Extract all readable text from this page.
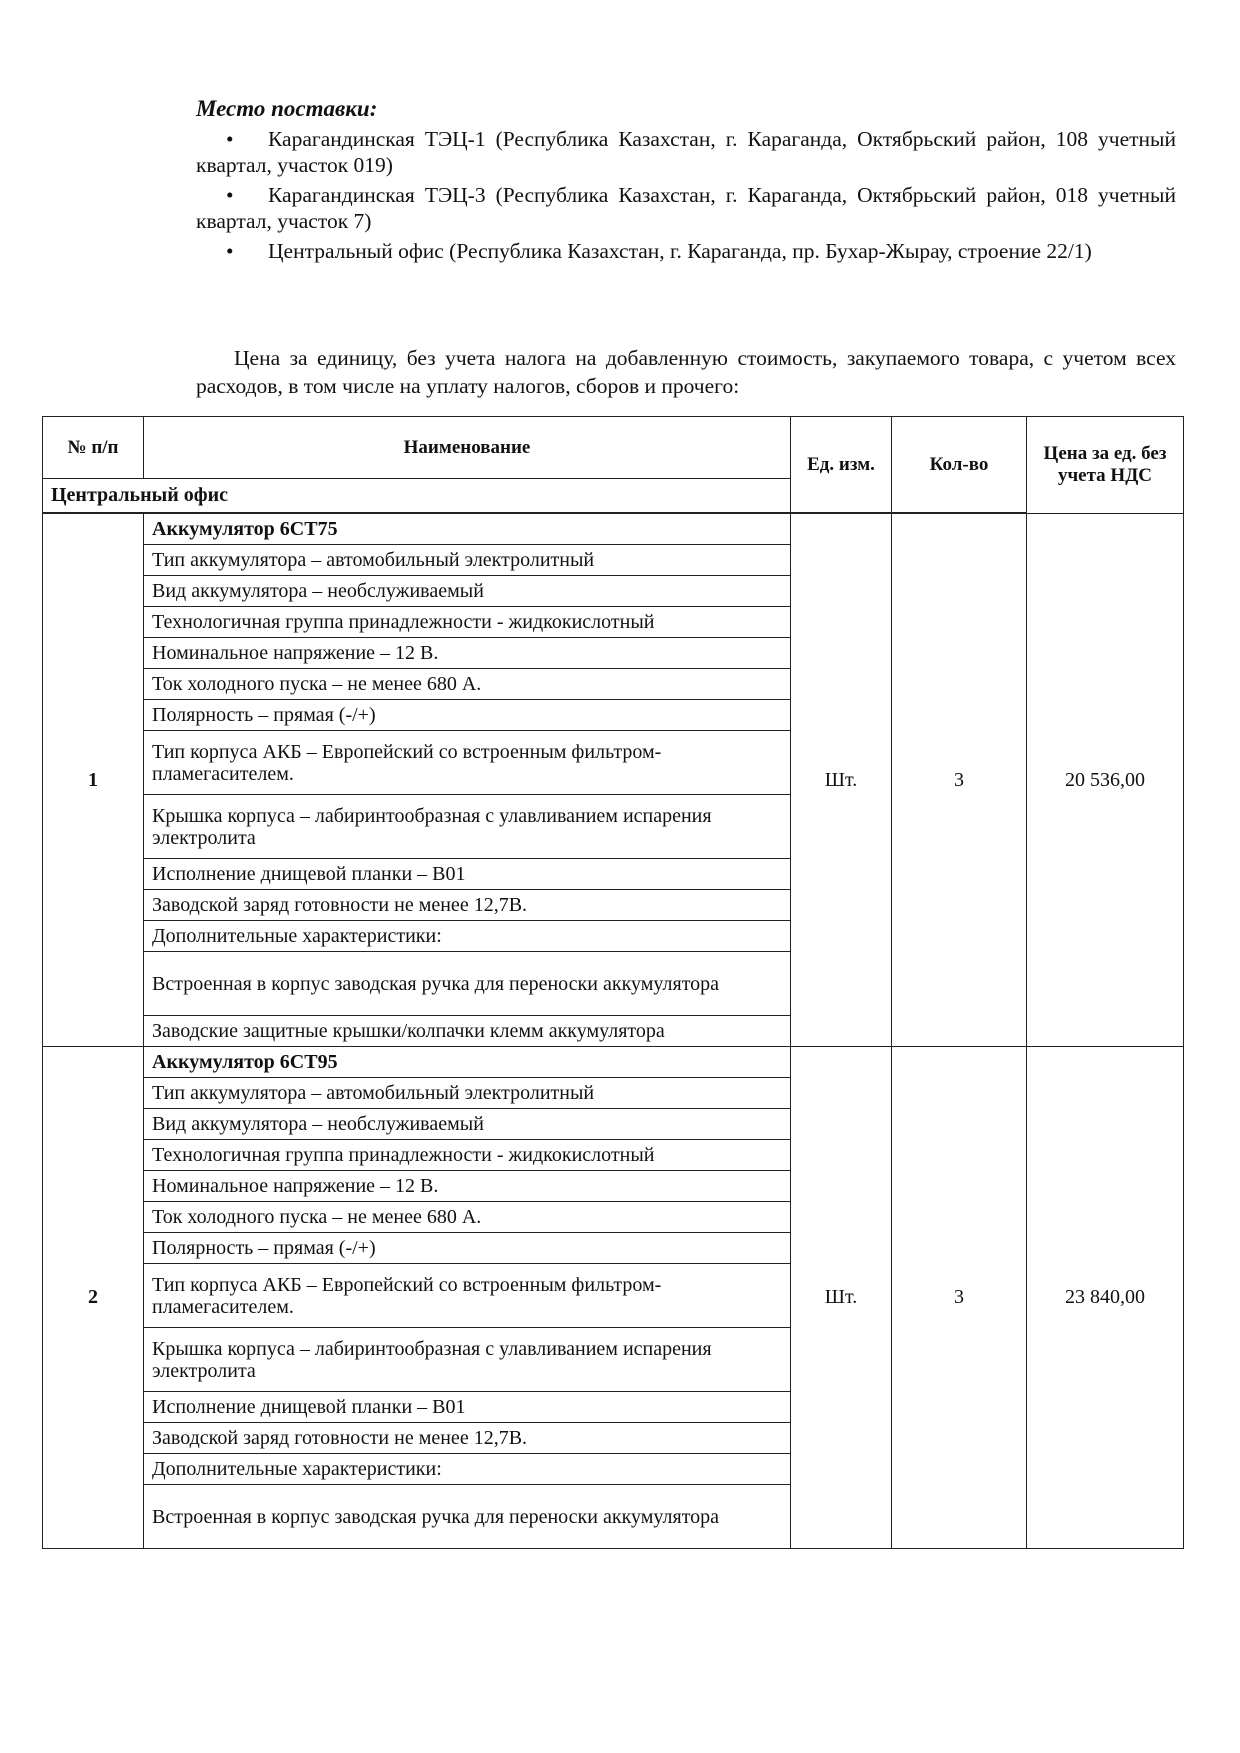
Место поставки:
• Карагандинская ТЭЦ-1 (Республика Казахстан, г. Караганда, Октябрьский район, 108 учетный квартал, участок 019)
• Карагандинская ТЭЦ-3 (Республика Казахстан, г. Караганда, Октябрьский район, 018 учетный квартал, участок 7)
• Центральный офис (Республика Казахстан, г. Караганда, пр. Бухар-Жырау, строение 22/1)
Цена за единицу, без учета налога на добавленную стоимость, закупаемого товара, с учетом всех расходов, в том числе на уплату налогов, сборов и прочего:
№ п/п	Наименование	Ед. изм.	Кол-во	Цена за ед. без учета НДС
Центральный офис				

1	Аккумулятор 6СТ75	Шт.	3	20 536,00
	Тип аккумулятора – автомобильный электролитный			
	Вид аккумулятора – необслуживаемый			
	Технологичная группа принадлежности - жидкокислотный			
	Номинальное напряжение – 12 В.			
	Ток холодного пуска – не менее 680 А.			
	Полярность – прямая (-/+)			
	Тип корпуса АКБ – Европейский со встроенным фильтром-пламегасителем.			
	Крышка корпуса – лабиринтообразная с улавливанием испарения электролита			
	Исполнение днищевой планки – B01			
	Заводской заряд готовности не менее 12,7В.			
	Дополнительные характеристики:			
	Встроенная в корпус заводская ручка для переноски аккумулятора			
	Заводские защитные крышки/колпачки клемм аккумулятора			
2	Аккумулятор 6СТ95	Шт.	3	23 840,00
	Тип аккумулятора – автомобильный электролитный			
	Вид аккумулятора – необслуживаемый			
	Технологичная группа принадлежности - жидкокислотный			
	Номинальное напряжение – 12 В.			
	Ток холодного пуска – не менее 680 А.			
	Полярность – прямая (-/+)			
	Тип корпуса АКБ – Европейский со встроенным фильтром-пламегасителем.			
	Крышка корпуса – лабиринтообразная с улавливанием испарения электролита			
	Исполнение днищевой планки – B01			
	Заводской заряд готовности не менее 12,7В.			
	Дополнительные характеристики:			
	Встроенная в корпус заводская ручка для переноски аккумулятора			
